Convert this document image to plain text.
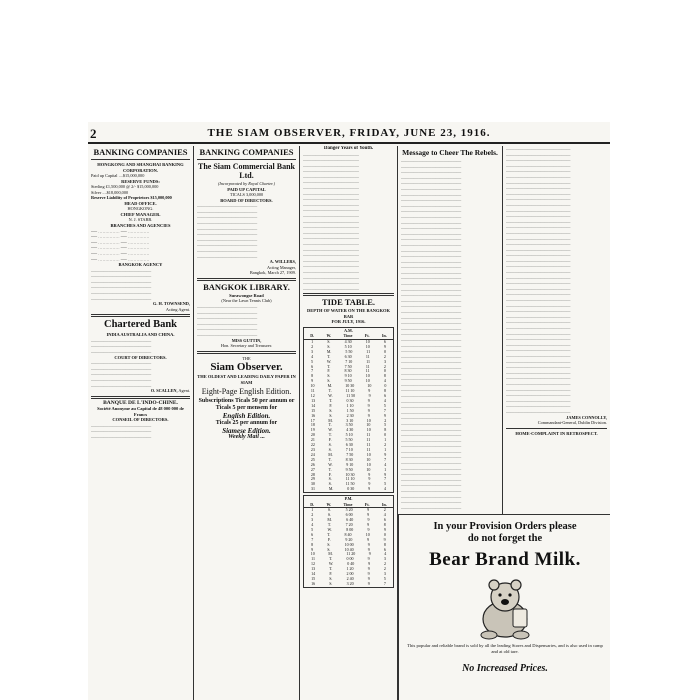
2	THE SIAM OBSERVER, FRIDAY, JUNE 23, 1916.
BANKING COMPANIES
HONGKONG AND SHANGHAI BANKING CORPORATION.
Paid up Capital ....$15,000,000
RESERVE FUNDS:
Sterling £1,500,000 @ 2/- $15,000,000
Silver ....$18,000,000
Reserve Liability of Proprietors $15,000,000
HEAD OFFICE.
HONGKONG.
CHIEF MANAGER.
N. J. STABB.
BRANCHES AND AGENCIES
── …………… ── ……………
── …………… ── ……………
── …………… ── ……………
── …………… ── ……………
── …………… ── ……………
── …………… ── ……………
BANGKOK AGENCY
——————————————
——————————————
——————————————
——————————————
——————————————
——————————————
G. H. TOWNSEND,
Acting Agent.
Chartered Bank
INDIA AUSTRALIA AND CHINA.
——————————————
——————————————
——————————————
COURT OF DIRECTORS.
——————————————
——————————————
——————————————
——————————————
——————————————
O. SCALLEN, Agent.
BANQUE DE L'INDO-CHINE.
Société Anonyme au Capital de 48 000 000 de Francs
CONSEIL OF DIRECTORS.
——————————————
——————————————
——————————————
BANKING COMPANIES
The Siam Commercial Bank Ltd.
(Incorporated by Royal Charter.)
PAID UP CAPITAL
TICALS 3,000,000
BOARD OF DIRECTORS.
——————————————
——————————————
——————————————
——————————————
——————————————
——————————————
——————————————
——————————————
——————————————
——————————————
A. WILLERS,
Acting Manager,
Bangkok, March 27, 1909.
BANGKOK LIBRARY.
Surawongse Road
(Near the Lawn Tennis Club)
——————————————
——————————————
——————————————
——————————————
——————————————
——————————————
MISS GUTTIN,
Hon. Secretary and Treasurer.
THE
Siam Observer.
THE OLDEST AND LEADING DAILY PAPER IN SIAM
Eight-Page English Edition.
Subscriptions Ticals 50 per annum or Ticals 5 per mensem for
English Edition.
Ticals 25 per annum for
Siamese Edition.
Weekly Mail ...
Danger Years of Youth.
—————————————
—————————————
—————————————
—————————————
—————————————
—————————————
—————————————
—————————————
—————————————
—————————————
—————————————
—————————————
—————————————
—————————————
—————————————
—————————————
—————————————
—————————————
—————————————
—————————————
—————————————
—————————————
—————————————
—————————————
—————————————
TIDE TABLE.
DEPTH OF WATER ON THE BANGKOK BAR
FOR JULY, 1916.
A.M.
D.	W.	Time	Ft.	In.
1	S.	4 30	10	6
2	S.	5 10	10	9
3	M.	5 50	11	0
4	T.	6 30	11	2
5	W.	7 10	11	3
6	T.	7 50	11	2
7	F.	8 30	11	0
8	S.	9 10	10	8
9	S.	9 50	10	4
10	M.	10 30	10	0
11	T.	11 10	9	8
12	W.	11 50	9	6
13	T.	0 30	9	4
14	F.	1 10	9	5
15	S.	1 50	9	7
16	S.	2 30	9	9
17	M.	3 10	10	2
18	T.	3 50	10	5
19	W.	4 30	10	8
20	T.	5 10	11	0
21	F.	5 50	11	1
22	S.	6 30	11	2
23	S.	7 10	11	1
24	M.	7 50	10	9
25	T.	8 30	10	7
26	W.	9 10	10	4
27	T.	9 50	10	1
28	F.	10 30	9	9
29	S.	11 10	9	7
30	S.	11 50	9	5
31	M.	0 30	9	4
P.M.
D.	W.	Time	Ft.	In.
1	S.	5 20	9	2
2	S.	6 00	9	4
3	M.	6 40	9	6
4	T.	7 20	9	8
5	W.	8 00	9	9
6	T.	8 40	10	0
7	F.	9 20	9	9
8	S.	10 00	9	8
9	S.	10 40	9	6
10	M.	11 20	9	4
11	T.	0 00	9	3
12	W.	0 40	9	2
13	T.	1 20	9	2
14	F.	2 00	9	3
15	S.	2 40	9	5
16	S.	3 20	9	7
Message to Cheer The Rebels.
——————————————
——————————————
——————————————
——————————————
——————————————
——————————————
——————————————
——————————————
——————————————
——————————————
——————————————
——————————————
——————————————
——————————————
——————————————
——————————————
——————————————
——————————————
——————————————
——————————————
——————————————
——————————————
——————————————
——————————————
——————————————
——————————————
——————————————
——————————————
——————————————
——————————————
——————————————
——————————————
——————————————
——————————————
——————————————
——————————————
——————————————
——————————————
——————————————
——————————————
——————————————
——————————————
——————————————
——————————————
——————————————
——————————————
——————————————
——————————————
——————————————
——————————————
——————————————
——————————————
——————————————
——————————————
——————————————
——————————————
——————————————
——————————————
——————————————
——————————————
——————————————
——————————————
——————————————
———————————————
———————————————
———————————————
———————————————
———————————————
———————————————
———————————————
———————————————
———————————————
———————————————
———————————————
———————————————
———————————————
———————————————
———————————————
———————————————
———————————————
———————————————
———————————————
———————————————
———————————————
———————————————
———————————————
———————————————
———————————————
———————————————
———————————————
———————————————
———————————————
———————————————
———————————————
———————————————
———————————————
———————————————
———————————————
———————————————
———————————————
———————————————
———————————————
———————————————
———————————————
———————————————
———————————————
———————————————
———————————————
———————————————
———————————————
———————————————
JAMES CONNOLLY,
Commandant-General, Dublin Division.
HOME-COMPLAINT IN RETROSPECT.
In your Provision Orders please
do not forget the
Bear Brand Milk.
This popular and reliable brand is sold by all the leading Stores and Dispensaries, and is also used in camp and at old tare.
No Increased Prices.
